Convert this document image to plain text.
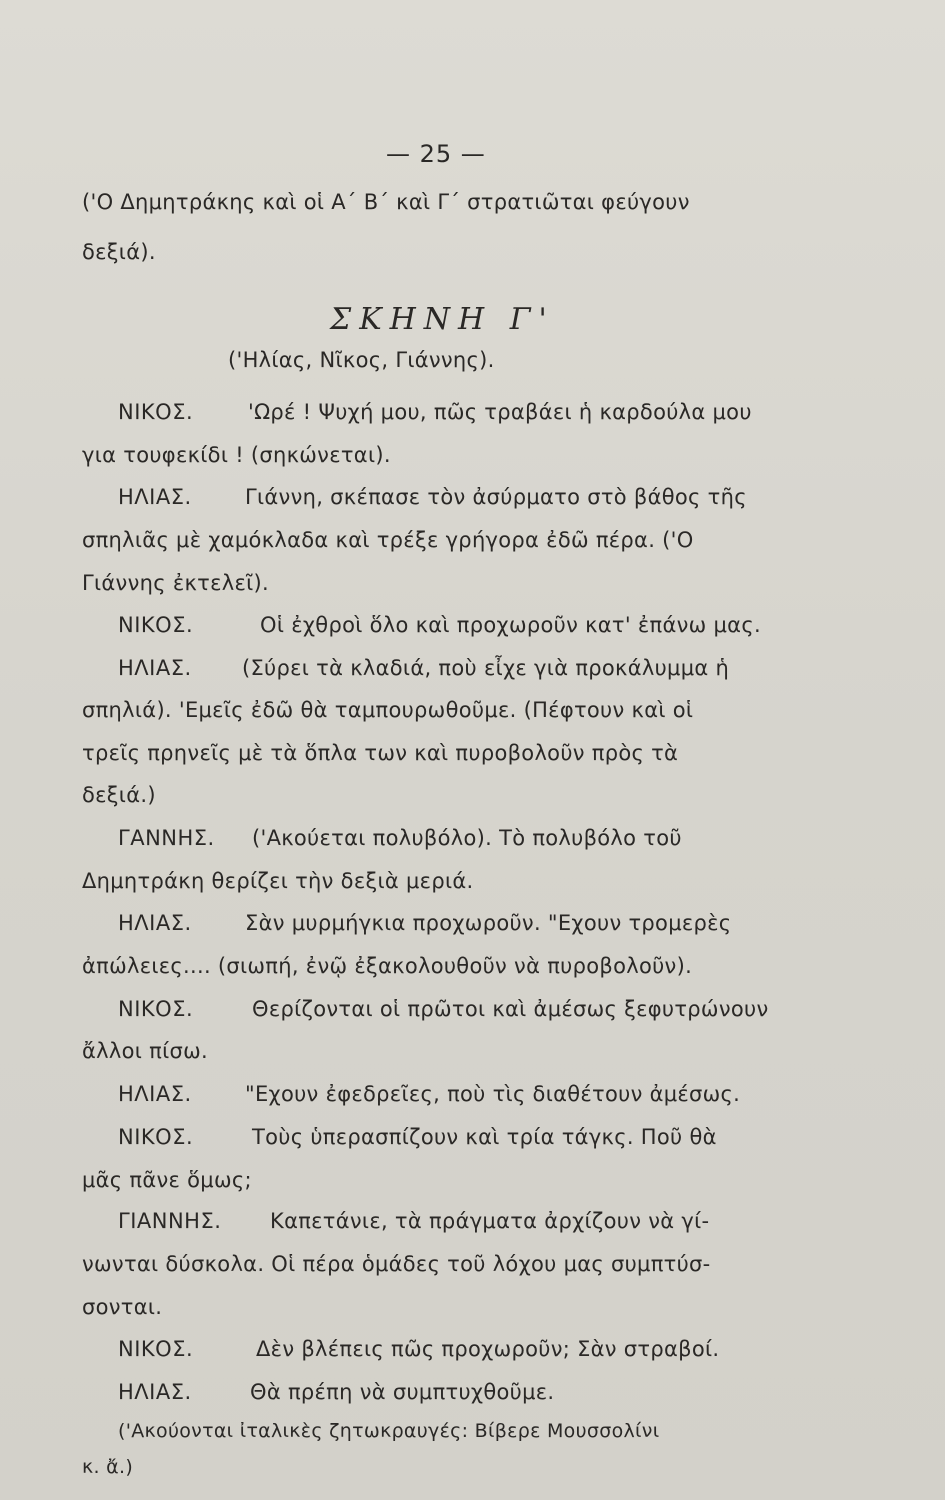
— 25 —
('Ο Δημητράκης καὶ οἱ Α΄ Β΄ καὶ Γ΄ στρατιῶται φεύγουν
δεξιά).
ΣΚΗΝΗ Γ'
('Ηλίας, Νῖκος, Γιάννης).
ΝΙΚΟΣ.	'Ωρέ ! Ψυχή μου, πῶς τραβάει ἡ καρδούλα μου
για τουφεκίδι ! (σηκώνεται).
ΗΛΙΑΣ.	Γιάννη, σκέπασε τὸν ἀσύρματο στὸ βάθος τῆς
σπηλιᾶς μὲ χαμόκλαδα καὶ τρέξε γρήγορα ἐδῶ πέρα. ('Ο
Γιάννης ἐκτελεῖ).
ΝΙΚΟΣ.	Οἱ ἐχθροὶ ὅλο καὶ προχωροῦν κατ' ἐπάνω μας.
ΗΛΙΑΣ. (Σύρει τὰ κλαδιά, ποὺ εἶχε γιὰ προκάλυμμα ἡ
σπηλιά). 'Εμεῖς ἐδῶ θὰ ταμπουρωθοῦμε. (Πέφτουν καὶ οἱ
τρεῖς πρηνεῖς μὲ τὰ ὅπλα των καὶ πυροβολοῦν πρὸς τὰ
δεξιά.)
ΓΑΝΝΗΣ. ('Ακούεται πολυβόλο). Τὸ πολυβόλο τοῦ
Δημητράκη θερίζει τὴν δεξιὰ μεριά.
ΗΛΙΑΣ.	Σὰν μυρμήγκια προχωροῦν. "Εχουν τρομερὲς
ἀπώλειες.... (σιωπή, ἐνῷ ἐξακολουθοῦν νὰ πυροβολοῦν).
ΝΙΚΟΣ.	Θερίζονται οἱ πρῶτοι καὶ ἀμέσως ξεφυτρώνουν
ἄλλοι πίσω.
ΗΛΙΑΣ.	"Εχουν ἐφεδρεῖες, ποὺ τὶς διαθέτουν ἀμέσως.
ΝΙΚΟΣ.	Τοὺς ὑπερασπίζουν καὶ τρία τάγκς. Ποῦ θὰ
μᾶς πᾶνε ὅμως;
ΓΙΑΝΝΗΣ. Καπετάνιε, τὰ πράγματα ἀρχίζουν νὰ γί-
νωνται δύσκολα. Οἱ πέρα ὁμάδες τοῦ λόχου μας συμπτύσ-
σονται.
ΝΙΚΟΣ.	Δὲν βλέπεις πῶς προχωροῦν; Σὰν στραβοί.
ΗΛΙΑΣ.	Θὰ πρέπη νὰ συμπτυχθοῦμε.
('Ακούονται ἰταλικὲς ζητωκραυγές: Βίβερε Μουσσολίνι
κ. ἄ.)
